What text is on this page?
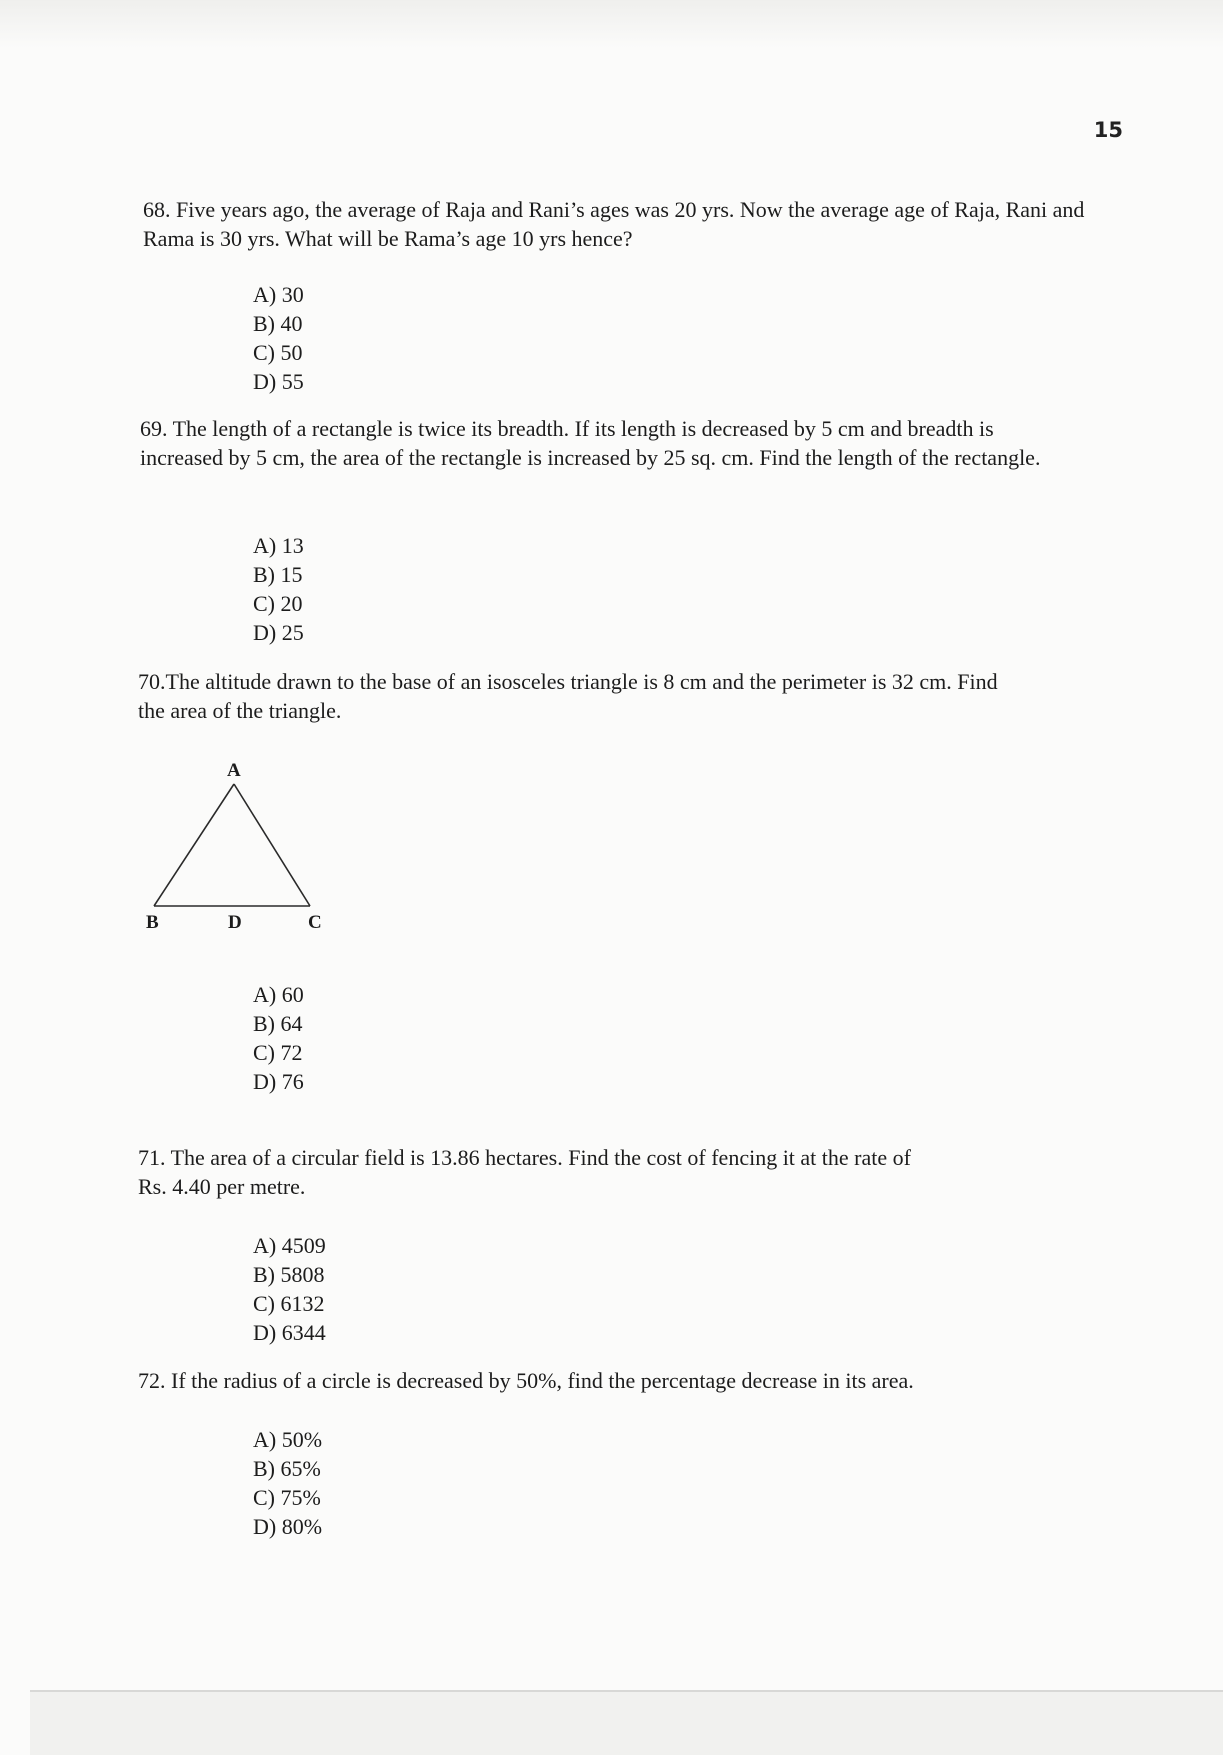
15

68. Five years ago, the average of Raja and Rani’s ages was 20 yrs. Now the average age of Raja, Rani and Rama is 30 yrs. What will be Rama’s age 10 yrs hence?

A) 30
B) 40
C) 50
D) 55

69. The length of a rectangle is twice its breadth. If its length is decreased by 5 cm and breadth is increased by 5 cm, the area of the rectangle is increased by 25 sq. cm. Find the length of the rectangle.

A) 13
B) 15
C) 20
D) 25

70.The altitude drawn to the base of an isosceles triangle is 8 cm and the perimeter is 32 cm. Find the area of the triangle.

A
B	D	C
A) 60
B) 64
C) 72
D) 76

71. The area of a circular field is 13.86 hectares. Find the cost of fencing it at the rate of Rs. 4.40 per metre.

A) 4509
B) 5808
C) 6132
D) 6344

72. If the radius of a circle is decreased by 50%, find the percentage decrease in its area.

A) 50%
B) 65%
C) 75%
D) 80%
